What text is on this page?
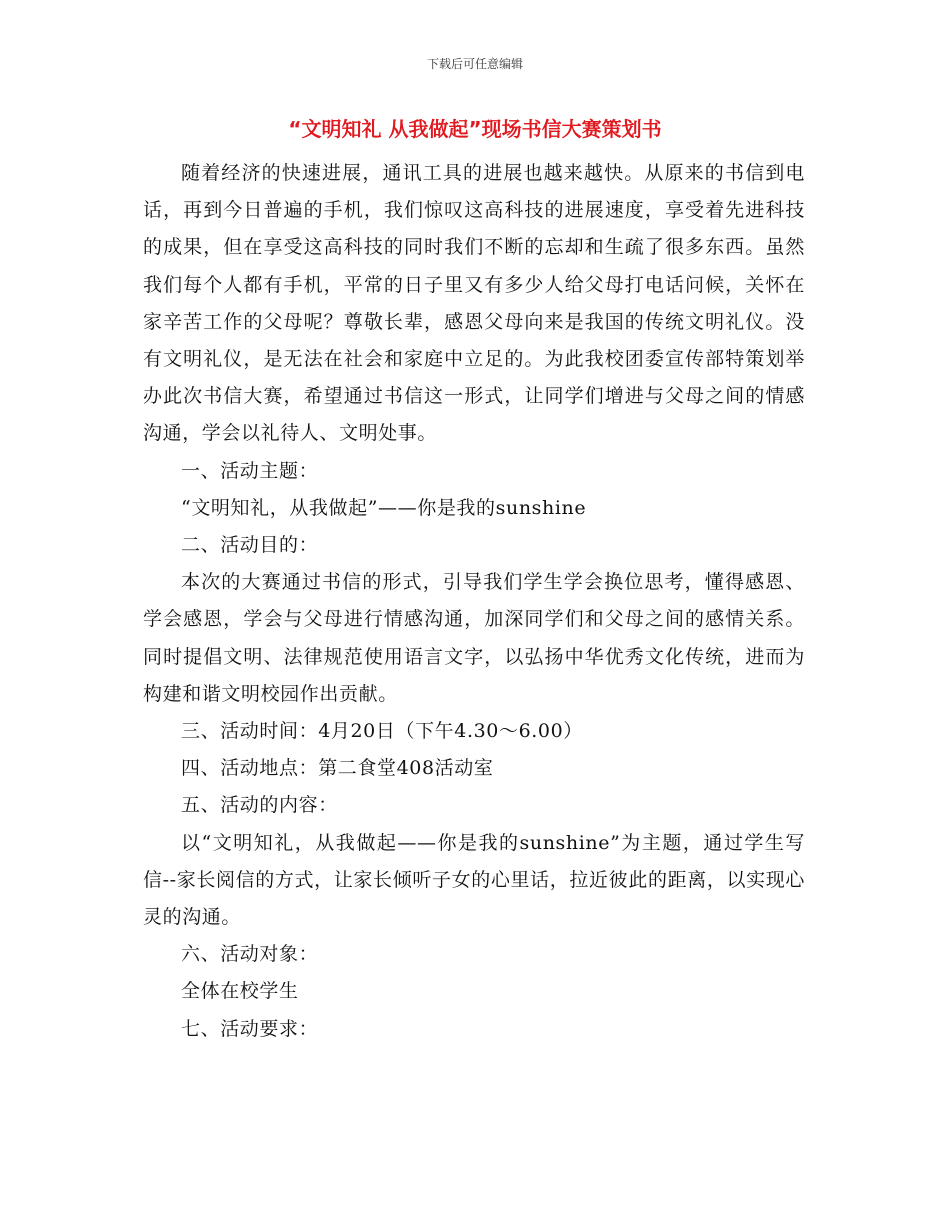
下载后可任意编辑
“文明知礼 从我做起”现场书信大赛策划书

随着经济的快速进展，通讯工具的进展也越来越快。从原来的书信到电话，再到今日普遍的手机，我们惊叹这高科技的进展速度，享受着先进科技的成果，但在享受这高科技的同时我们不断的忘却和生疏了很多东西。虽然我们每个人都有手机，平常的日子里又有多少人给父母打电话问候，关怀在家辛苦工作的父母呢？尊敬长辈，感恩父母向来是我国的传统文明礼仪。没有文明礼仪，是无法在社会和家庭中立足的。为此我校团委宣传部特策划举办此次书信大赛，希望通过书信这一形式，让同学们增进与父母之间的情感沟通，学会以礼待人、文明处事。

一、活动主题：

“文明知礼，从我做起”——你是我的sunshine

二、活动目的：

本次的大赛通过书信的形式，引导我们学生学会换位思考，懂得感恩、学会感恩，学会与父母进行情感沟通，加深同学们和父母之间的感情关系。同时提倡文明、法律规范使用语言文字，以弘扬中华优秀文化传统，进而为构建和谐文明校园作出贡献。

三、活动时间：4月20日（下午4.30～6.00）

四、活动地点：第二食堂408活动室

五、活动的内容：

以“文明知礼，从我做起——你是我的sunshine”为主题，通过学生写信--家长阅信的方式，让家长倾听子女的心里话，拉近彼此的距离，以实现心灵的沟通。

六、活动对象：

全体在校学生

七、活动要求：
